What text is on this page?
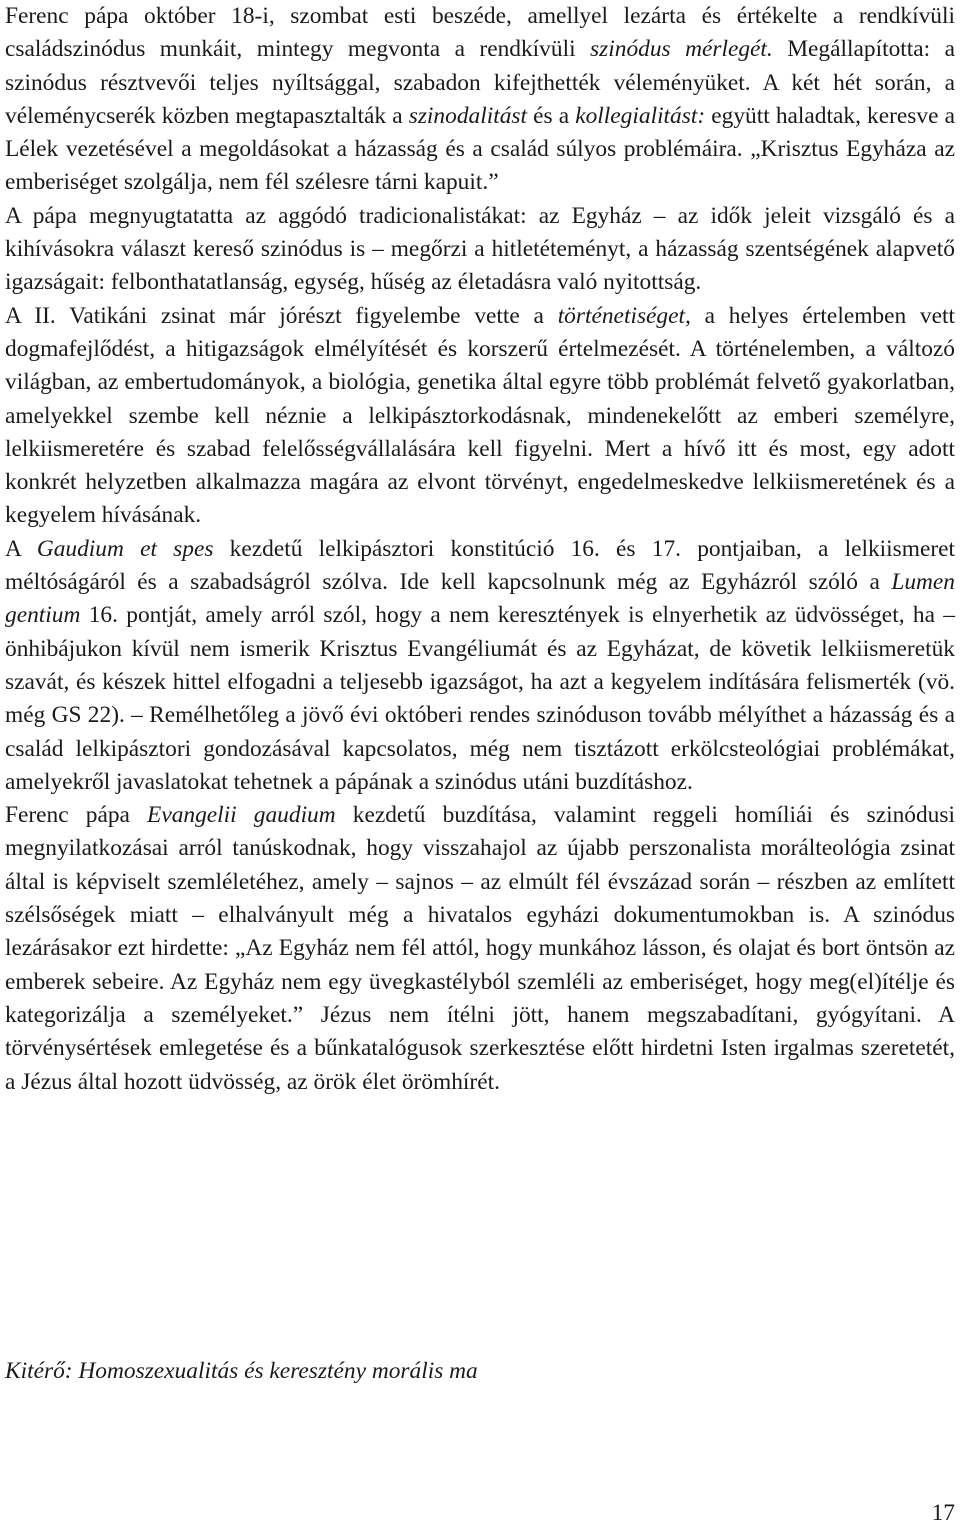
Ferenc pápa október 18-i, szombat esti beszéde, amellyel lezárta és értékelte a rendkívüli családszinódus munkáit, mintegy megvonta a rendkívüli szinódus mérlegét. Megállapította: a szinódus résztvevői teljes nyíltsággal, szabadon kifejthették véleményüket. A két hét során, a véleménycserék közben megtapasztalták a szinodalitást és a kollegialitást: együtt haladtak, keresve a Lélek vezetésével a megoldásokat a házasság és a család súlyos problémáira. „Krisztus Egyháza az emberiséget szolgálja, nem fél szélesre tárni kapuit.”

A pápa megnyugtatatta az aggódó tradicionalistákat: az Egyház – az idők jeleit vizsgáló és a kihívásokra választ kereső szinódus is – megőrzi a hitletéteményt, a házasság szentségének alapvető igazságait: felbonthatatlanság, egység, hűség az életadásra való nyitottság.

A II. Vatikáni zsinat már jórészt figyelembe vette a történetiséget, a helyes értelemben vett dogmafejlődést, a hitigazságok elmélyítését és korszerű értelmezését. A történelemben, a változó világban, az embertudományok, a biológia, genetika által egyre több problémát felvető gyakorlatban, amelyekkel szembe kell néznie a lelkipásztorkodásnak, mindenekelőtt az emberi személyre, lelkiismeretére és szabad felelősségvállalására kell figyelni. Mert a hívő itt és most, egy adott konkrét helyzetben alkalmazza magára az elvont törvényt, engedelmeskedve lelkiismeretének és a kegyelem hívásának.

A Gaudium et spes kezdetű lelkipásztori konstitúció 16. és 17. pontjaiban, a lelkiismeret méltóságáról és a szabadságról szólva. Ide kell kapcsolnunk még az Egyházról szóló a Lumen gentium 16. pontját, amely arról szól, hogy a nem keresztények is elnyerhetik az üdvösséget, ha – önhibájukon kívül nem ismerik Krisztus Evangéliumát és az Egyházat, de követik lelkiismeretük szavát, és készek hittel elfogadni a teljesebb igazságot, ha azt a kegyelem indítására felismerték (vö. még GS 22). – Remélhetőleg a jövő évi októberi rendes szinóduson tovább mélyíthet a házasság és a család lelkipásztori gondozásával kapcsolatos, még nem tisztázott erkölcsteológiai problémákat, amelyekről javaslatokat tehetnek a pápának a szinódus utáni buzdításhoz.

Ferenc pápa Evangelii gaudium kezdetű buzdítása, valamint reggeli homíliái és szinódusi megnyilatkozásai arról tanúskodnak, hogy visszahajol az újabb perszonalista morálteológia zsinat által is képviselt szemléletéhez, amely – sajnos – az elmúlt fél évszázad során – részben az említett szélsőségek miatt – elhalványult még a hivatalos egyházi dokumentumokban is. A szinódus lezárásakor ezt hirdette: „Az Egyház nem fél attól, hogy munkához lásson, és olajat és bort öntsön az emberek sebeire. Az Egyház nem egy üvegkastélyból szemléli az emberiséget, hogy meg(el)ítélje és kategorizálja a személyeket.” Jézus nem ítélni jött, hanem megszabadítani, gyógyítani. A törvénysértések emlegetése és a bűnkatalógusok szerkesztése előtt hirdetni Isten irgalmas szeretetét, a Jézus által hozott üdvösség, az örök élet örömhírét.

Kitérő: Homoszexualitás és keresztény morális ma

17
